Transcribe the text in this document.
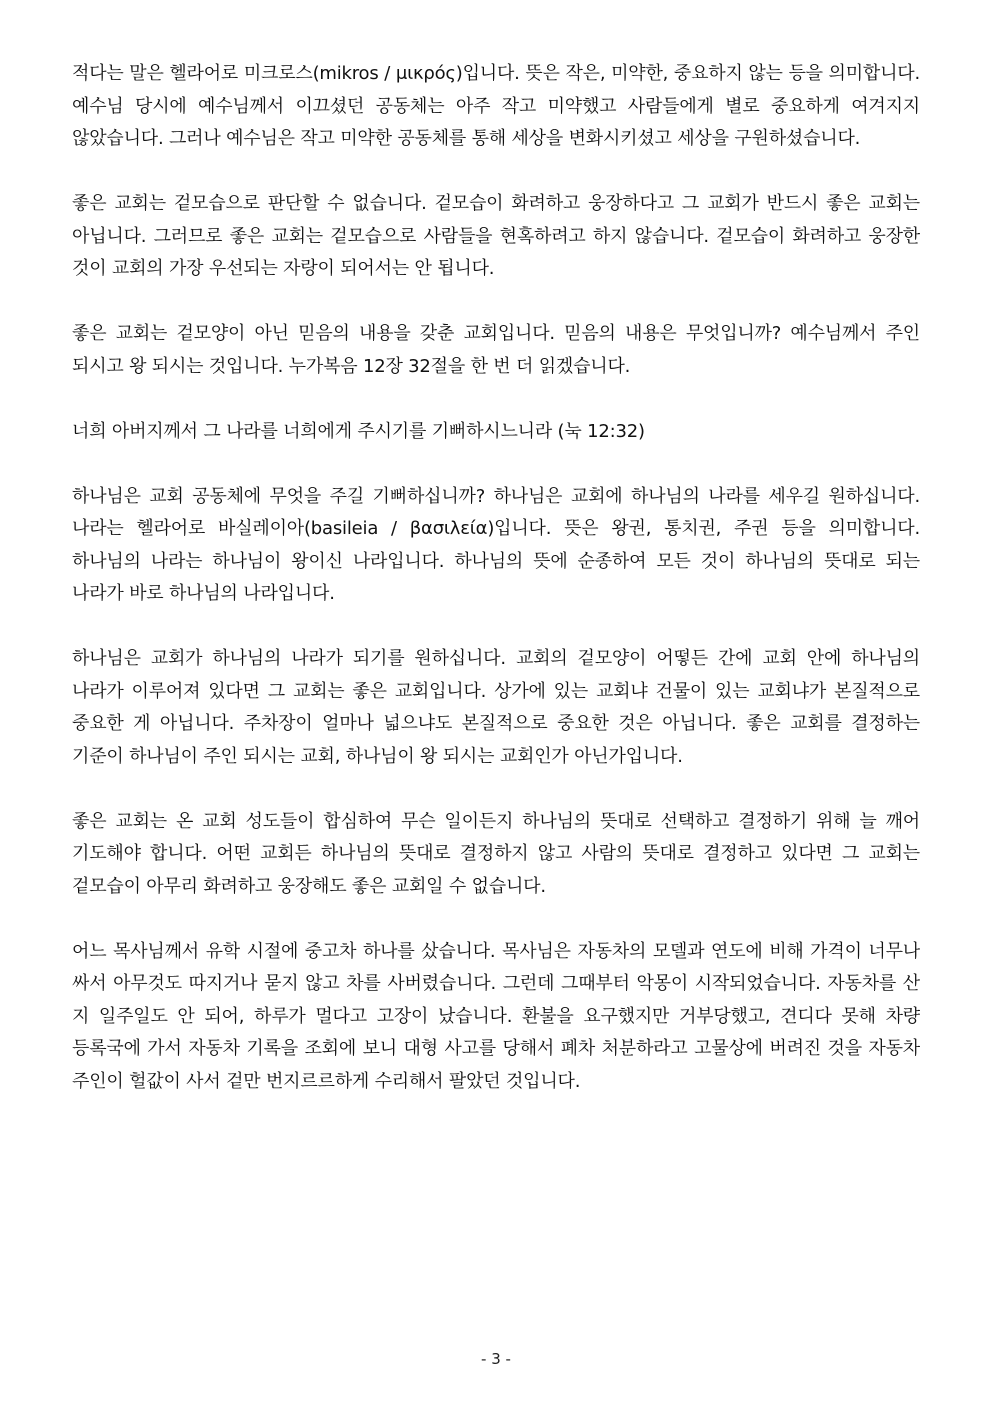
적다는 말은 헬라어로 미크로스(mikros / μικρός)입니다. 뜻은 작은, 미약한, 중요하지 않는 등을 의미합니다. 예수님 당시에 예수님께서 이끄셨던 공동체는 아주 작고 미약했고 사람들에게 별로 중요하게 여겨지지 않았습니다. 그러나 예수님은 작고 미약한 공동체를 통해 세상을 변화시키셨고 세상을 구원하셨습니다.

좋은 교회는 겉모습으로 판단할 수 없습니다. 겉모습이 화려하고 웅장하다고 그 교회가 반드시 좋은 교회는 아닙니다. 그러므로 좋은 교회는 겉모습으로 사람들을 현혹하려고 하지 않습니다. 겉모습이 화려하고 웅장한 것이 교회의 가장 우선되는 자랑이 되어서는 안 됩니다.

좋은 교회는 겉모양이 아닌 믿음의 내용을 갖춘 교회입니다. 믿음의 내용은 무엇입니까? 예수님께서 주인 되시고 왕 되시는 것입니다. 누가복음 12장 32절을 한 번 더 읽겠습니다.

너희 아버지께서 그 나라를 너희에게 주시기를 기뻐하시느니라 (눅 12:32)

하나님은 교회 공동체에 무엇을 주길 기뻐하십니까? 하나님은 교회에 하나님의 나라를 세우길 원하십니다. 나라는 헬라어로 바실레이아(basileia / βασιλεία)입니다. 뜻은 왕권, 통치권, 주권 등을 의미합니다. 하나님의 나라는 하나님이 왕이신 나라입니다. 하나님의 뜻에 순종하여 모든 것이 하나님의 뜻대로 되는 나라가 바로 하나님의 나라입니다.

하나님은 교회가 하나님의 나라가 되기를 원하십니다. 교회의 겉모양이 어떻든 간에 교회 안에 하나님의 나라가 이루어져 있다면 그 교회는 좋은 교회입니다. 상가에 있는 교회냐 건물이 있는 교회냐가 본질적으로 중요한 게 아닙니다. 주차장이 얼마나 넓으냐도 본질적으로 중요한 것은 아닙니다. 좋은 교회를 결정하는 기준이 하나님이 주인 되시는 교회, 하나님이 왕 되시는 교회인가 아닌가입니다.

좋은 교회는 온 교회 성도들이 합심하여 무슨 일이든지 하나님의 뜻대로 선택하고 결정하기 위해 늘 깨어 기도해야 합니다. 어떤 교회든 하나님의 뜻대로 결정하지 않고 사람의 뜻대로 결정하고 있다면 그 교회는 겉모습이 아무리 화려하고 웅장해도 좋은 교회일 수 없습니다.

어느 목사님께서 유학 시절에 중고차 하나를 샀습니다. 목사님은 자동차의 모델과 연도에 비해 가격이 너무나 싸서 아무것도 따지거나 묻지 않고 차를 사버렸습니다. 그런데 그때부터 악몽이 시작되었습니다. 자동차를 산 지 일주일도 안 되어, 하루가 멀다고 고장이 났습니다. 환불을 요구했지만 거부당했고, 견디다 못해 차량 등록국에 가서 자동차 기록을 조회에 보니 대형 사고를 당해서 폐차 처분하라고 고물상에 버려진 것을 자동차 주인이 헐값이 사서 겉만 번지르르하게 수리해서 팔았던 것입니다.

- 3 -
